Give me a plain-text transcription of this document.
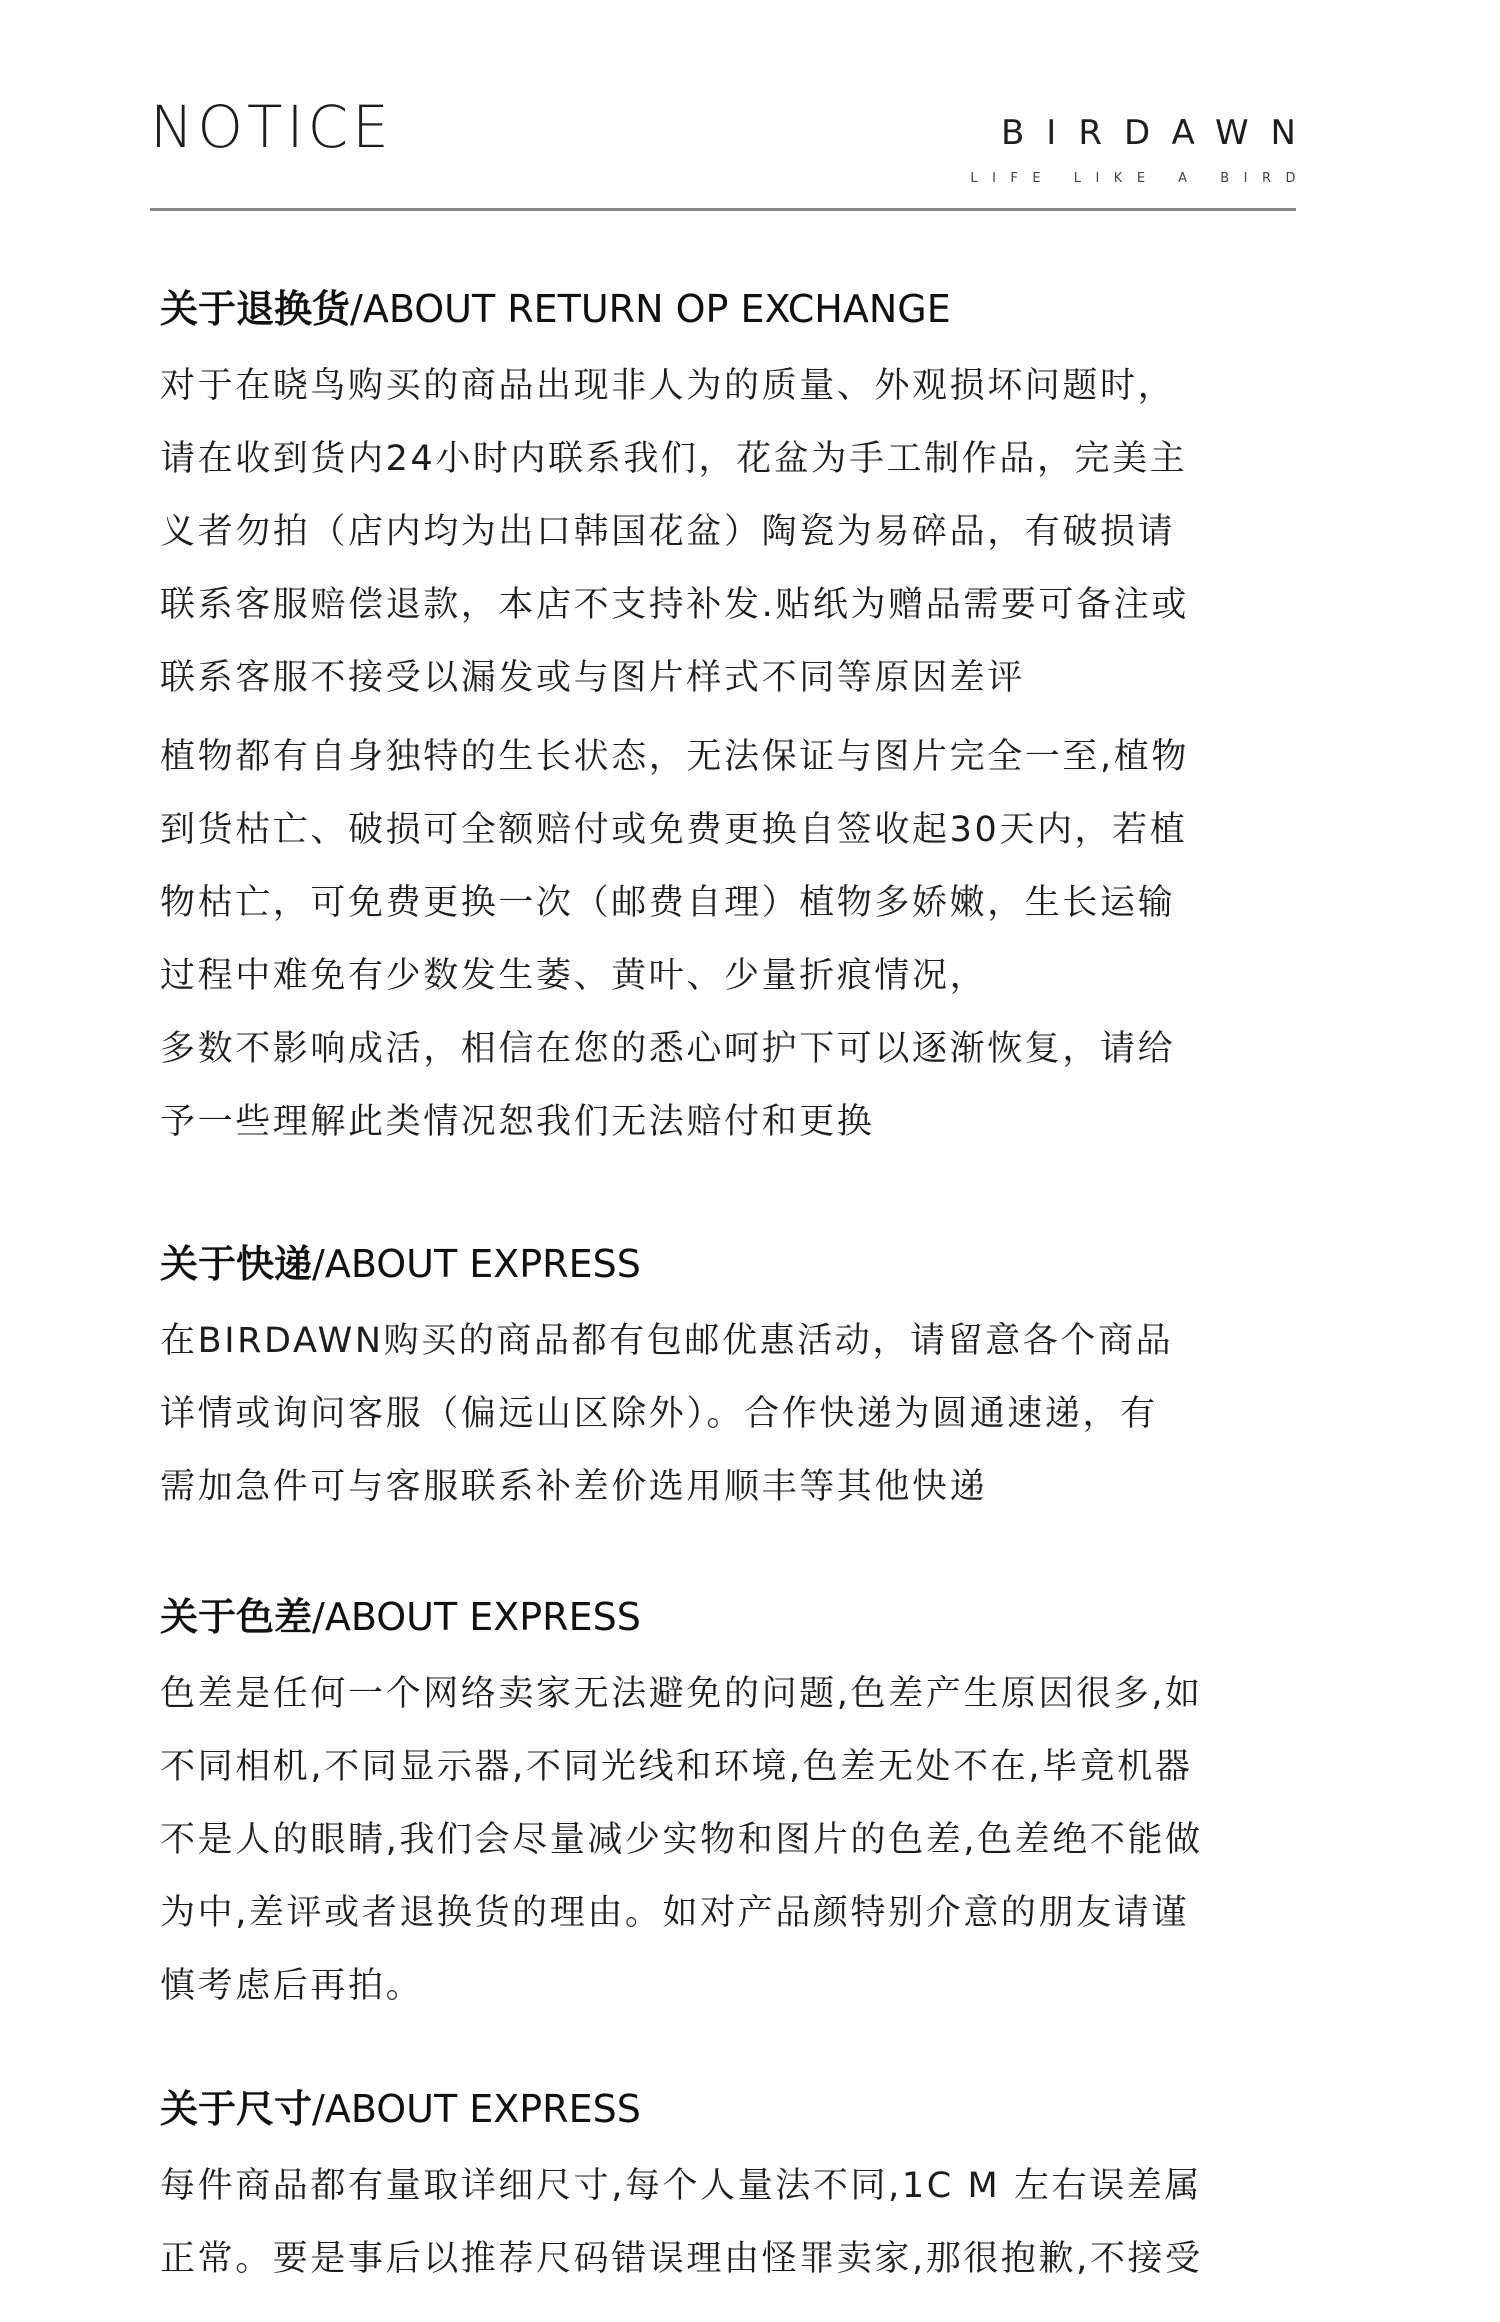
NOTICE	BIRDAWN
LIFE LIKE A BIRD
关于退换货/ABOUT RETURN OP EXCHANGE

对于在晓鸟购买的商品出现非人为的质量、外观损坏问题时，
请在收到货内24小时内联系我们，花盆为手工制作品，完美主
义者勿拍（店内均为出口韩国花盆）陶瓷为易碎品，有破损请
联系客服赔偿退款，本店不支持补发.贴纸为赠品需要可备注或
联系客服不接受以漏发或与图片样式不同等原因差评

植物都有自身独特的生长状态，无法保证与图片完全一至,植物
到货枯亡、破损可全额赔付或免费更换自签收起30天内，若植
物枯亡，可免费更换一次（邮费自理）植物多娇嫩，生长运输
过程中难免有少数发生萎、黄叶、少量折痕情况，
多数不影响成活，相信在您的悉心呵护下可以逐渐恢复，请给
予一些理解此类情况恕我们无法赔付和更换

关于快递/ABOUT EXPRESS

在BIRDAWN购买的商品都有包邮优惠活动，请留意各个商品
详情或询问客服（偏远山区除外）。合作快递为圆通速递，有
需加急件可与客服联系补差价选用顺丰等其他快递

关于色差/ABOUT EXPRESS

色差是任何一个网络卖家无法避免的问题,色差产生原因很多,如
不同相机,不同显示器,不同光线和环境,色差无处不在,毕竟机器
不是人的眼睛,我们会尽量减少实物和图片的色差,色差绝不能做
为中,差评或者退换货的理由。如对产品颜特别介意的朋友请谨
慎考虑后再拍。

关于尺寸/ABOUT EXPRESS

每件商品都有量取详细尺寸,每个人量法不同,1C M 左右误差属
正常。要是事后以推荐尺码错误理由怪罪卖家,那很抱歉,不接受
